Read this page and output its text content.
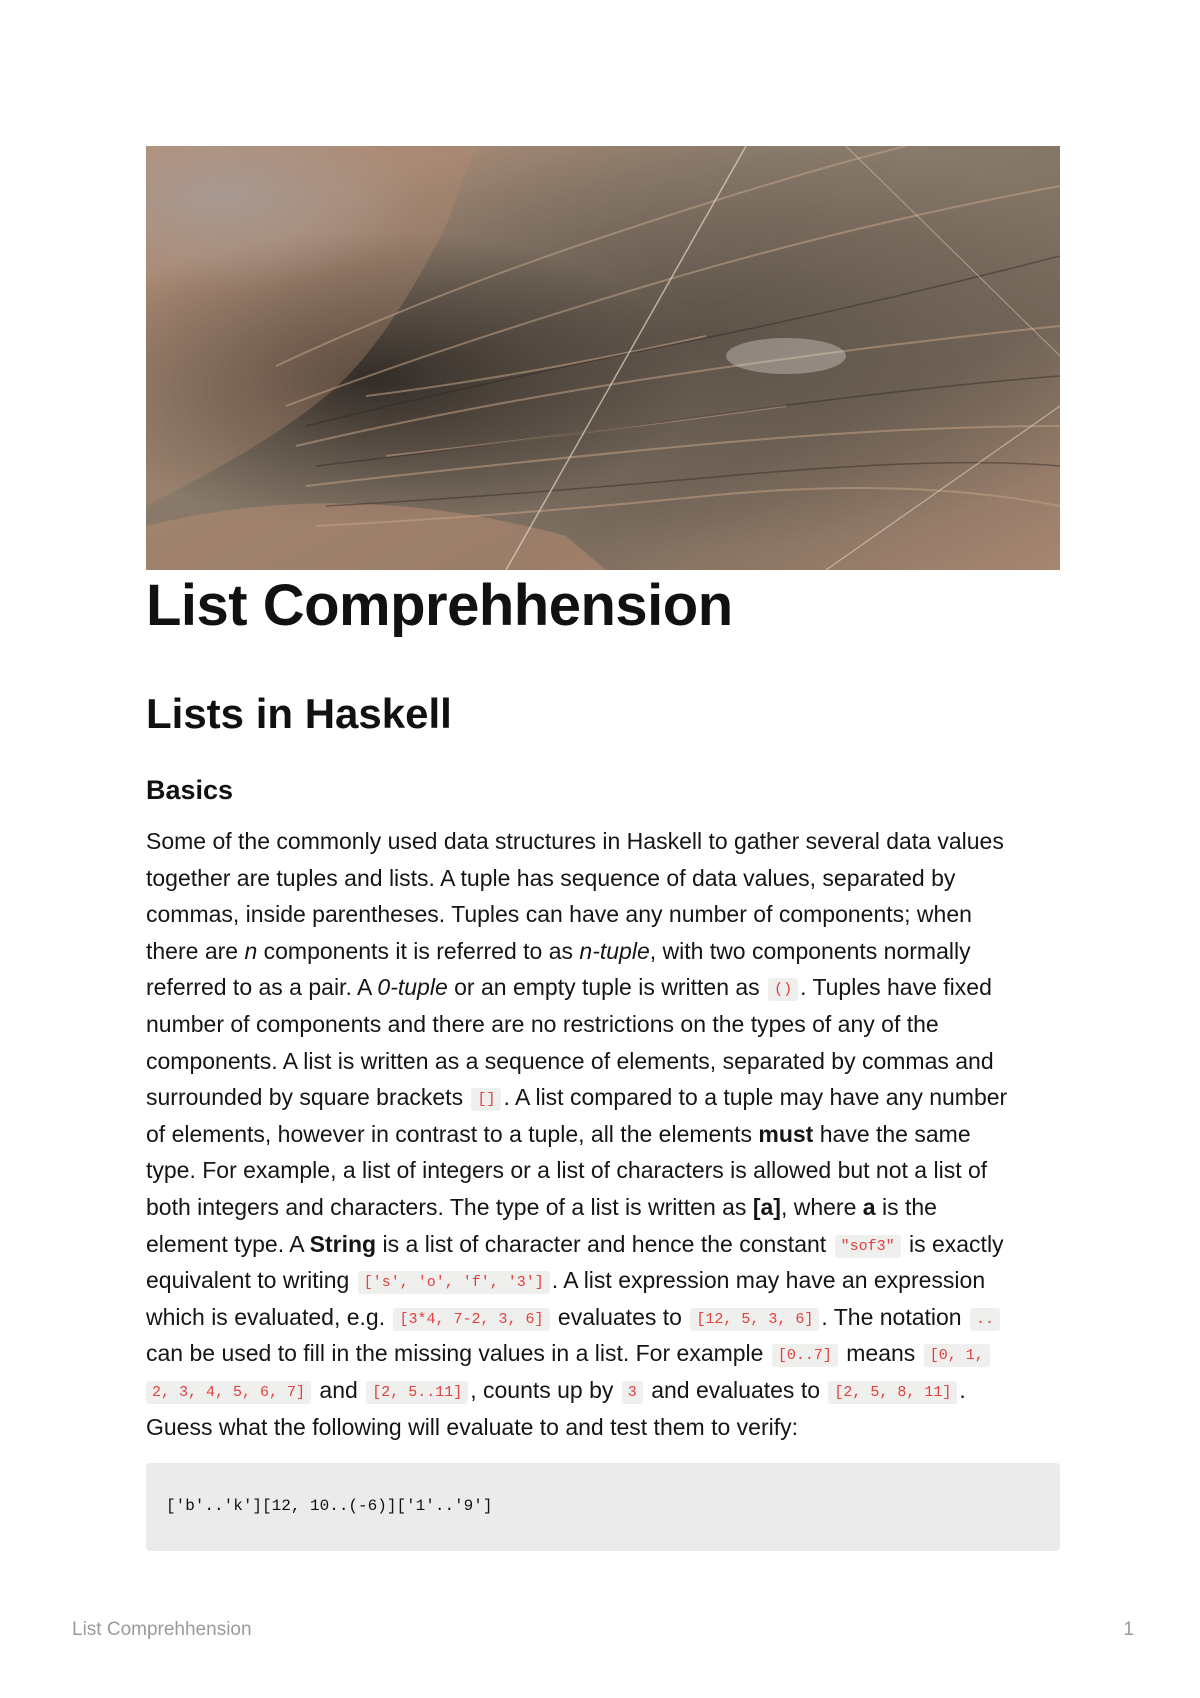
List Comprehhension
Lists in Haskell
Basics
Some of the commonly used data structures in Haskell to gather several data values
together are tuples and lists. A tuple has sequence of data values, separated by
commas, inside parentheses. Tuples can have any number of components; when
there are n components it is referred to as n-tuple, with two components normally
referred to as a pair. A 0-tuple or an empty tuple is written as () . Tuples have fixed
number of components and there are no restrictions on the types of any of the
components. A list is written as a sequence of elements, separated by commas and
surrounded by square brackets [] . A list compared to a tuple may have any number
of elements, however in contrast to a tuple, all the elements must have the same
type. For example, a list of integers or a list of characters is allowed but not a list of
both integers and characters. The type of a list is written as [a], where a is the
element type. A String is a list of character and hence the constant "sof3" is exactly
equivalent to writing ['s', 'o', 'f', '3'] . A list expression may have an expression
which is evaluated, e.g. [3*4, 7-2, 3, 6] evaluates to [12, 5, 3, 6] . The notation ..
can be used to fill in the missing values in a list. For example [0..7] means [0, 1,
2, 3, 4, 5, 6, 7] and [2, 5..11] , counts up by 3 and evaluates to [2, 5, 8, 11] .
Guess what the following will evaluate to and test them to verify:
['b'..'k'][12, 10..(-6)]['1'..'9']
List Comprehhension	1
